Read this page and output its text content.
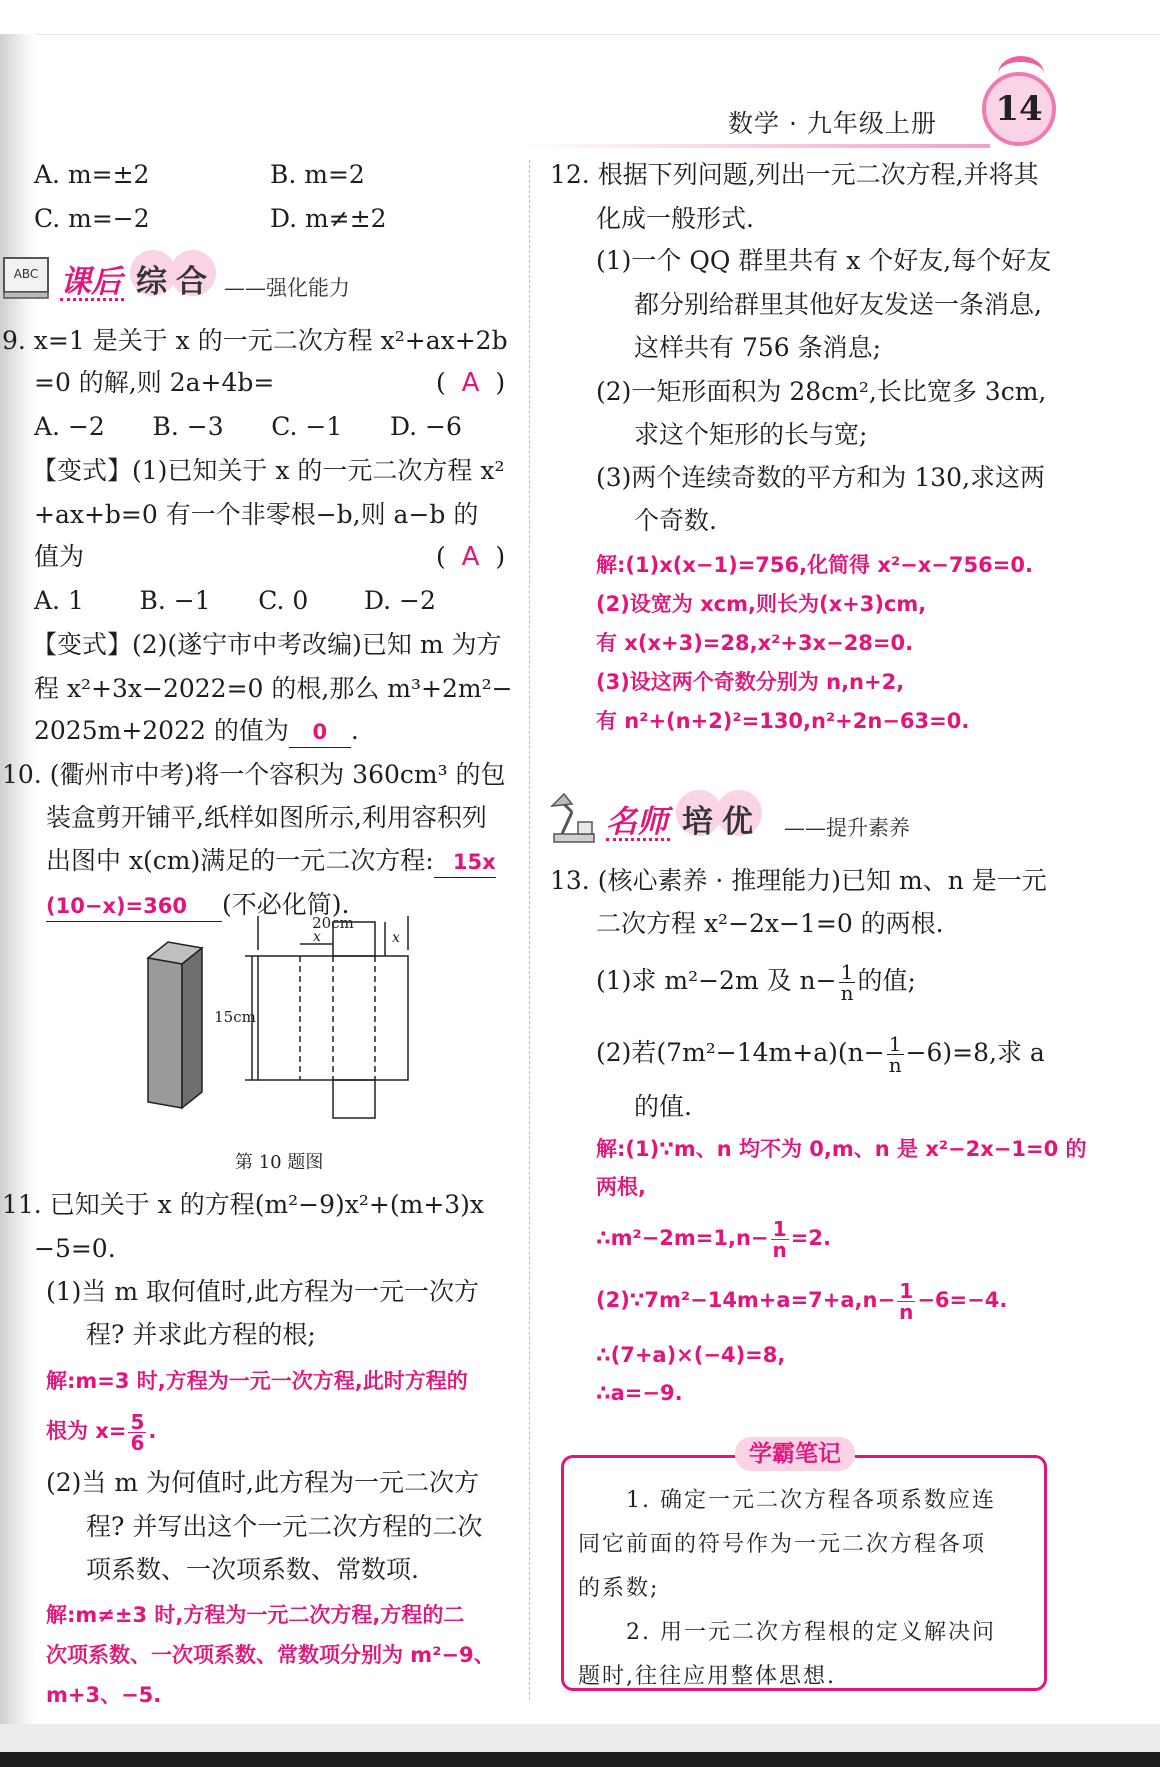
数学 · 九年级上册 14
A. m=±2	B. m=2
C. m=−2	D. m≠±2
ABC 课后 综 合 ——强化能力
9. x=1 是关于 x 的一元二次方程 x²+ax+2b
=0 的解,则 2a+4b=	(  A  )
A. −2      B. −3      C. −1      D. −6
【变式】(1)已知关于 x 的一元二次方程 x²
+ax+b=0 有一个非零根−b,则 a−b 的
值为	(  A  )
A. 1       B. −1      C. 0       D. −2
【变式】(2)(遂宁市中考改编)已知 m 为方
程 x²+3x−2022=0 的根,那么 m³+2m²−
2025m+2022 的值为 0 .
10. (衢州市中考)将一个容积为 360cm³ 的包
装盒剪开铺平,纸样如图所示,利用容积列
出图中 x(cm)满足的一元二次方程: 15x
(10−x)=360 (不必化简).
20cm
15cm
x	x
第 10 题图
11. 已知关于 x 的方程(m²−9)x²+(m+3)x
−5=0.
(1)当 m 取何值时,此方程为一元一次方
程? 并求此方程的根;
解:m=3 时,方程为一元一次方程,此时方程的
根为 $x= \frac{5}{6}$ .
(2)当 m 为何值时,此方程为一元二次方
程? 并写出这个一元二次方程的二次
项系数、一次项系数、常数项.
解:m≠±3 时,方程为一元二次方程,方程的二
次项系数、一次项系数、常数项分别为 m²−9、
m+3、−5.
12. 根据下列问题,列出一元二次方程,并将其
化成一般形式.
(1)一个 QQ 群里共有 x 个好友,每个好友
都分别给群里其他好友发送一条消息,
这样共有 756 条消息;
(2)一矩形面积为 28cm²,长比宽多 3cm,
求这个矩形的长与宽;
(3)两个连续奇数的平方和为 130,求这两
个奇数.
解:(1)x(x−1)=756,化简得 x²−x−756=0.
(2)设宽为 xcm,则长为(x+3)cm,
有 x(x+3)=28,x²+3x−28=0.
(3)设这两个奇数分别为 n,n+2,
有 n²+(n+2)²=130,n²+2n−63=0.
名师 培 优 ——提升素养
13. (核心素养 · 推理能力)已知 m、n 是一元
二次方程 x²−2x−1=0 的两根.
(1)求 m²−2m 及 $n- \frac{1}{n}$ 的值;
(2)若$(7m^2-14m+a)(n- \frac{1}{n} -6)=8$,求 a
的值.
解:(1)∵m、n 均不为 0,m、n 是 x²−2x−1=0 的
两根,
∴m²−2m=1,n− $\frac{1}{n} =2$.
(2)∵7m²−14m+a=7+a,n− $\frac{1}{n} -6=-4$.
∴(7+a)×(−4)=8,
∴a=−9.
学霸笔记
1. 确定一元二次方程各项系数应连
同它前面的符号作为一元二次方程各项
的系数;
2. 用一元二次方程根的定义解决问
题时,往往应用整体思想.
